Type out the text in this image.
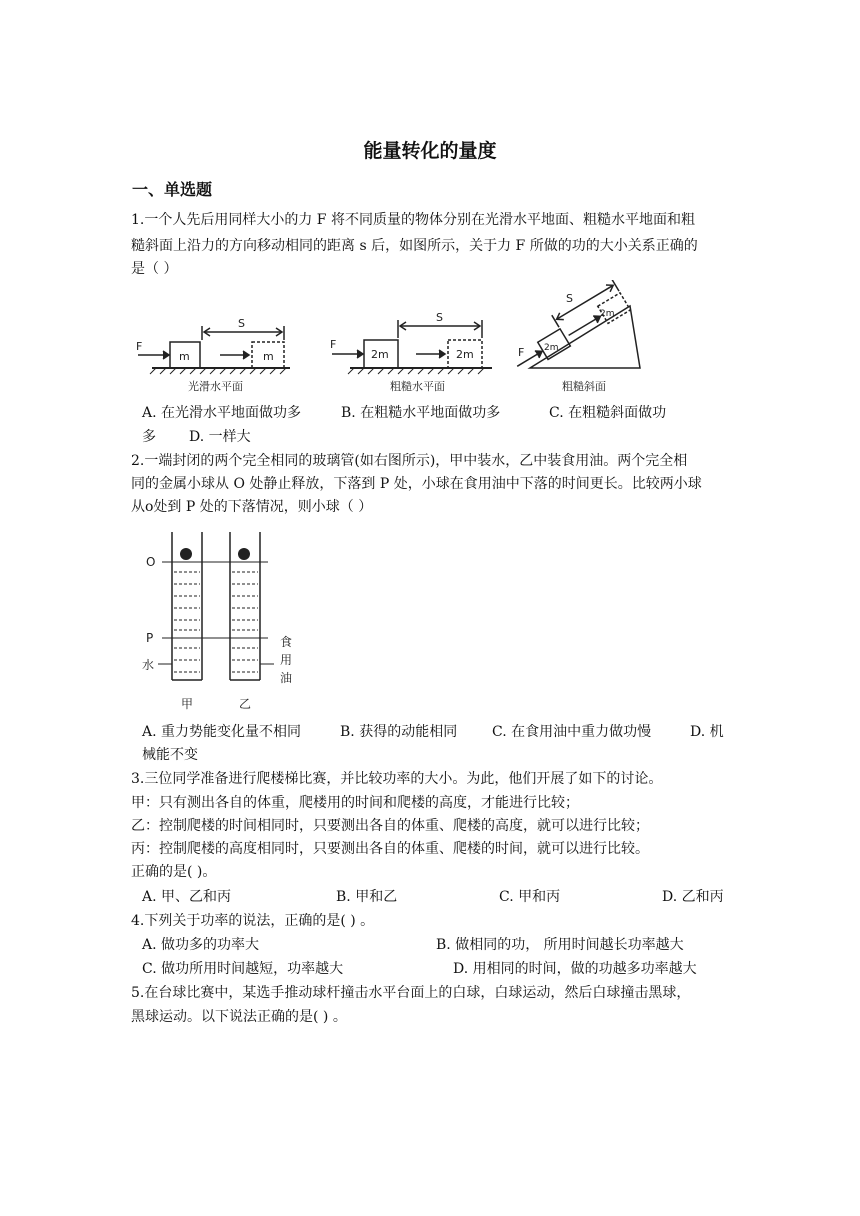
能量转化的量度
一、单选题
1.一个人先后用同样大小的力 F 将不同质量的物体分别在光滑水平地面、粗糙水平地面和粗
糙斜面上沿力的方向移动相同的距离 s 后，如图所示，关于力 F 所做的功的大小关系正确的
是（ ）
F
S
m	m
光滑水平面
F
S
2m	2m
粗糙水平面
F
S
2m
2m
粗糙斜面
A. 在光滑水平地面做功多	B. 在粗糙水平地面做功多	C. 在粗糙斜面做功
多 D. 一样大
2.一端封闭的两个完全相同的玻璃管(如右图所示)，甲中装水，乙中装食用油。两个完全相
同的金属小球从 O 处静止释放，下落到 P 处，小球在食用油中下落的时间更长。比较两小球
从o处到 P 处的下落情况，则小球（ ）
O
P
水
食
用
油
甲	乙
A. 重力势能变化量不相同	B. 获得的动能相同 C. 在食用油中重力做功慢	D. 机
械能不变
3.三位同学准备进行爬楼梯比赛，并比较功率的大小。为此，他们开展了如下的讨论。
甲：只有测出各自的体重，爬楼用的时间和爬楼的高度，才能进行比较；
乙：控制爬楼的时间相同时，只要测出各自的体重、爬楼的高度，就可以进行比较；
丙：控制爬楼的高度相同时，只要测出各自的体重、爬楼的时间，就可以进行比较。
正确的是( )。
A. 甲、乙和丙	B. 甲和乙	C. 甲和丙	D. 乙和丙
4.下列关于功率的说法，正确的是( ) 。
A. 做功多的功率大	B. 做相同的功， 所用时间越长功率越大
C. 做功所用时间越短，功率越大	D. 用相同的时间，做的功越多功率越大
5.在台球比赛中，某选手推动球杆撞击水平台面上的白球，白球运动，然后白球撞击黑球，
黑球运动。以下说法正确的是( ) 。
